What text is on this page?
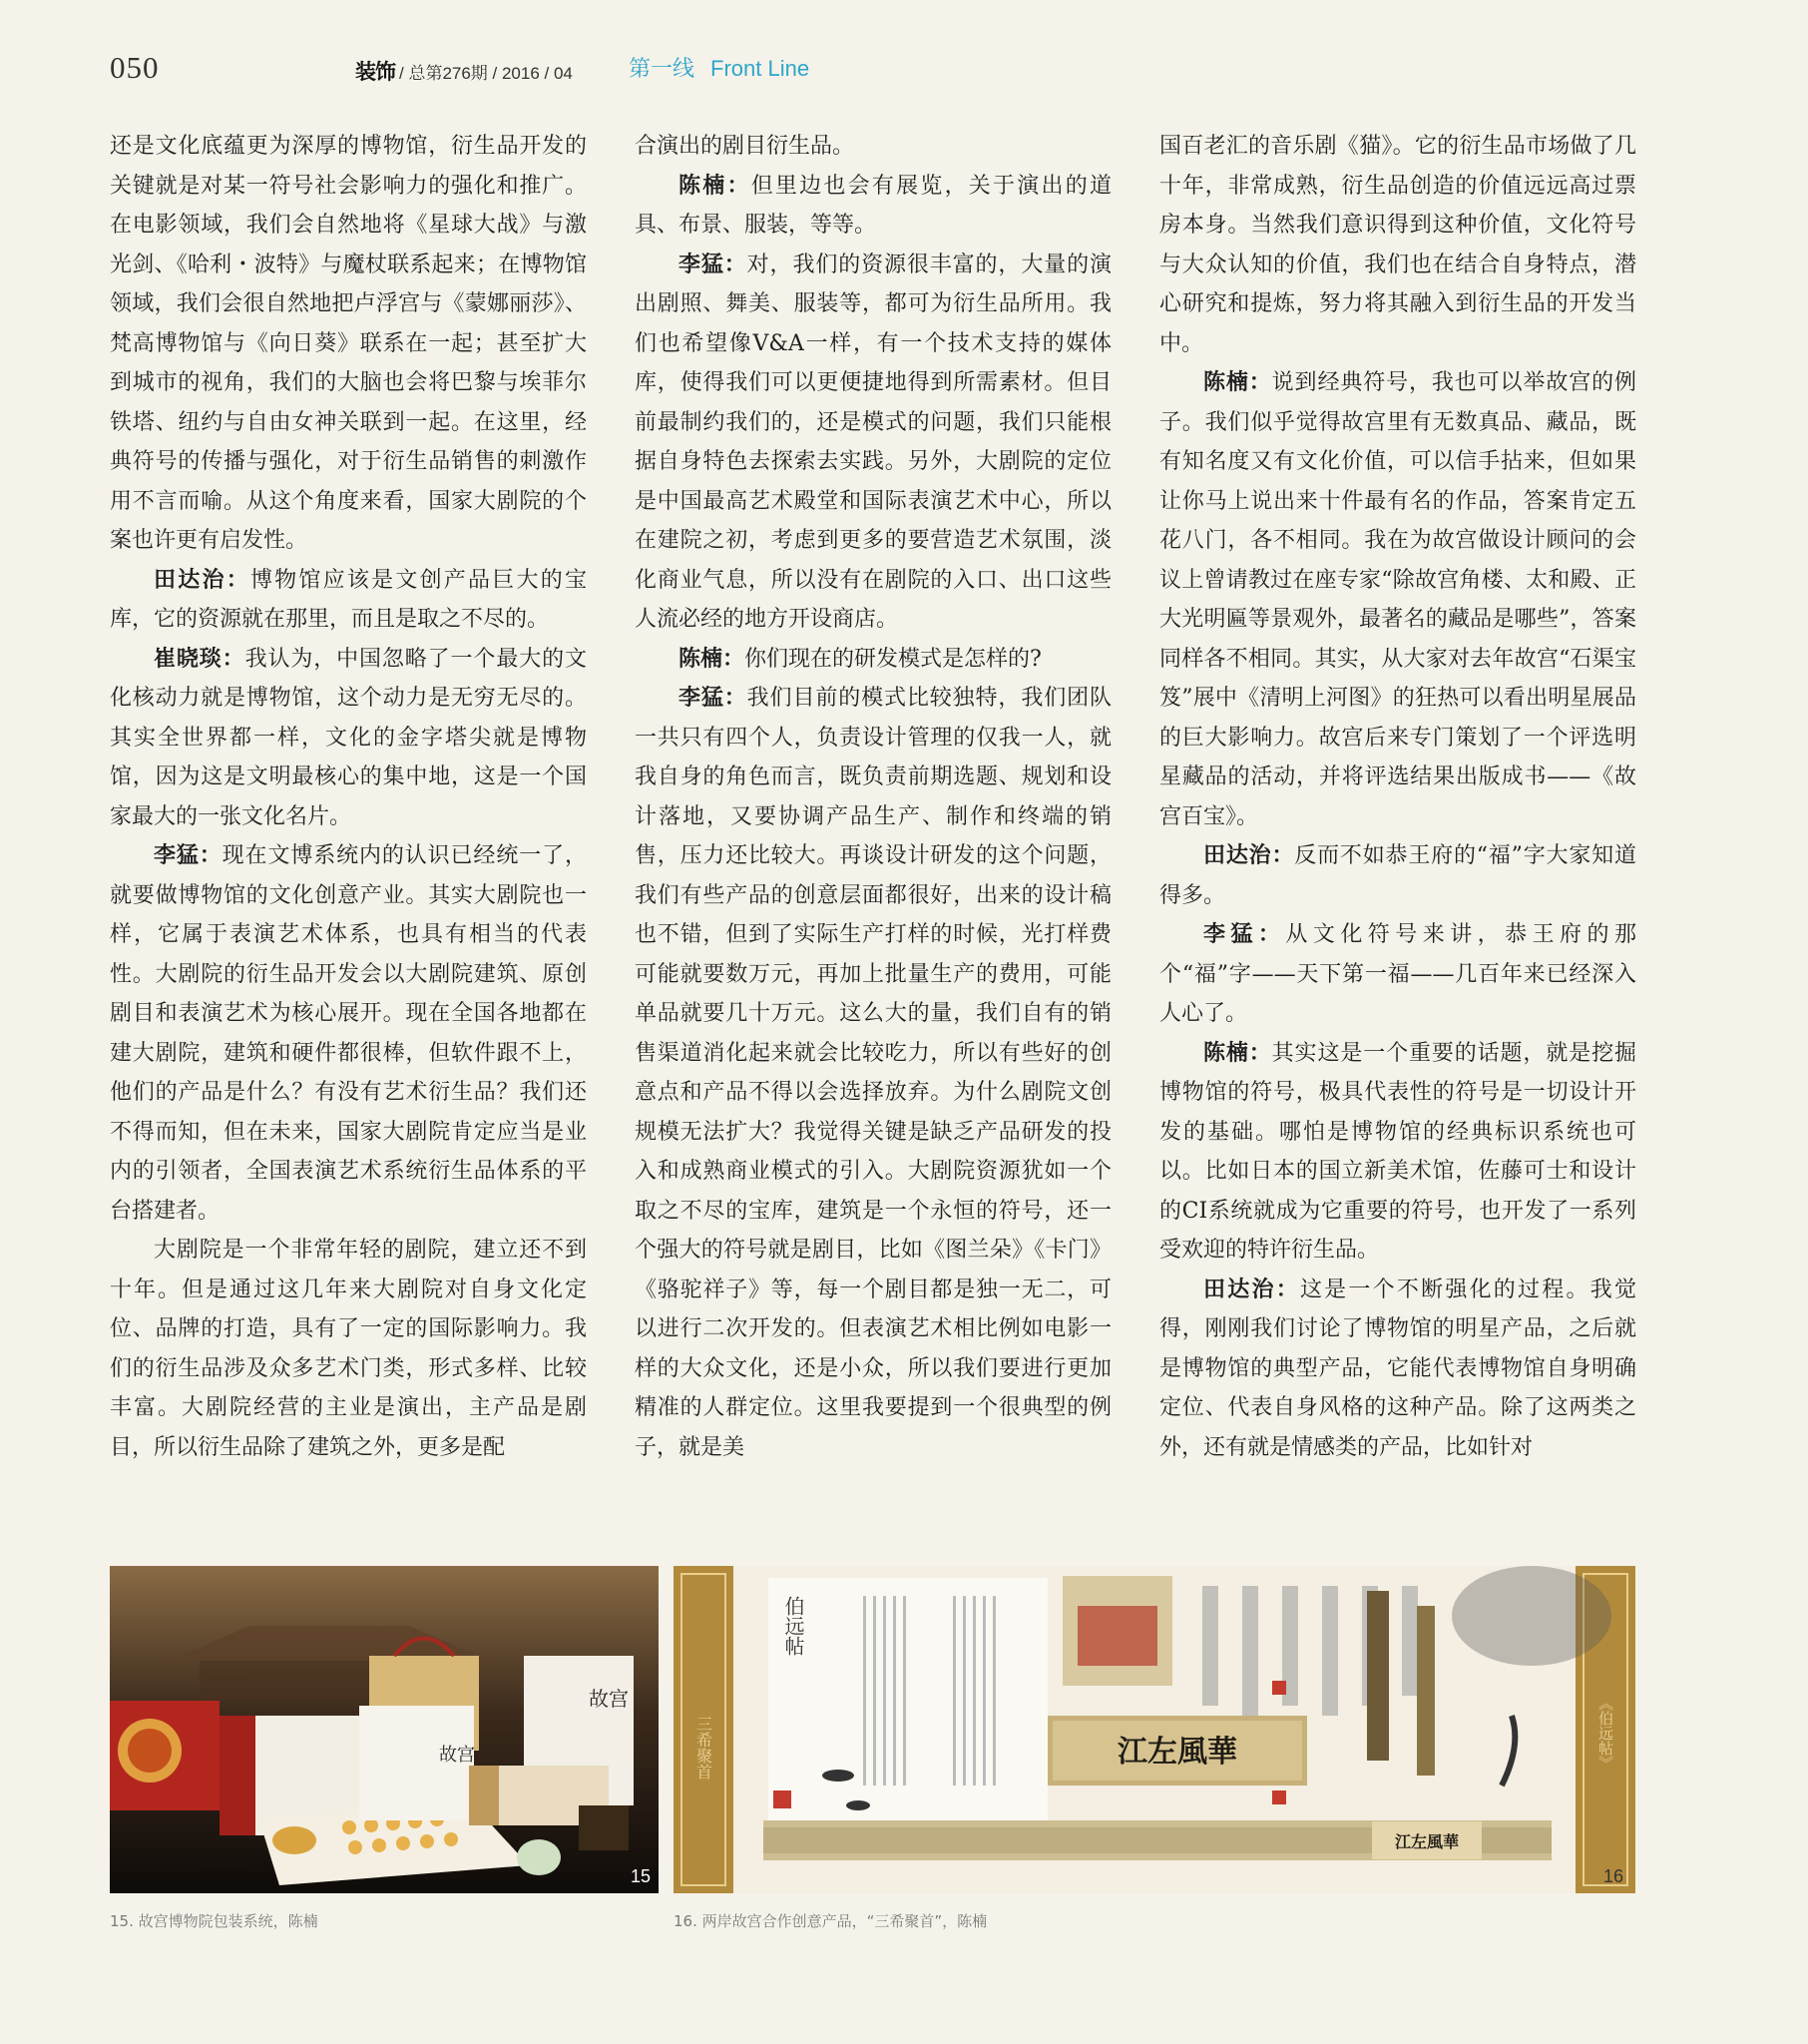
050	装饰 / 总第276期 / 2016 / 04	第一线 Front Line

还是文化底蕴更为深厚的博物馆，衍生品开发的关键就是对某一符号社会影响力的强化和推广。在电影领域，我们会自然地将《星球大战》与激光剑、《哈利・波特》与魔杖联系起来；在博物馆领域，我们会很自然地把卢浮宫与《蒙娜丽莎》、梵高博物馆与《向日葵》联系在一起；甚至扩大到城市的视角，我们的大脑也会将巴黎与埃菲尔铁塔、纽约与自由女神关联到一起。在这里，经典符号的传播与强化，对于衍生品销售的刺激作用不言而喻。从这个角度来看，国家大剧院的个案也许更有启发性。

田达治：博物馆应该是文创产品巨大的宝库，它的资源就在那里，而且是取之不尽的。

崔晓琰：我认为，中国忽略了一个最大的文化核动力就是博物馆，这个动力是无穷无尽的。其实全世界都一样，文化的金字塔尖就是博物馆，因为这是文明最核心的集中地，这是一个国家最大的一张文化名片。

李猛：现在文博系统内的认识已经统一了，就要做博物馆的文化创意产业。其实大剧院也一样，它属于表演艺术体系，也具有相当的代表性。大剧院的衍生品开发会以大剧院建筑、原创剧目和表演艺术为核心展开。现在全国各地都在建大剧院，建筑和硬件都很棒，但软件跟不上，他们的产品是什么？有没有艺术衍生品？我们还不得而知，但在未来，国家大剧院肯定应当是业内的引领者，全国表演艺术系统衍生品体系的平台搭建者。

大剧院是一个非常年轻的剧院，建立还不到十年。但是通过这几年来大剧院对自身文化定位、品牌的打造，具有了一定的国际影响力。我们的衍生品涉及众多艺术门类，形式多样、比较丰富。大剧院经营的主业是演出，主产品是剧目，所以衍生品除了建筑之外，更多是配

合演出的剧目衍生品。

陈楠：但里边也会有展览，关于演出的道具、布景、服装，等等。

李猛：对，我们的资源很丰富的，大量的演出剧照、舞美、服装等，都可为衍生品所用。我们也希望像V&A一样，有一个技术支持的媒体库，使得我们可以更便捷地得到所需素材。但目前最制约我们的，还是模式的问题，我们只能根据自身特色去探索去实践。另外，大剧院的定位是中国最高艺术殿堂和国际表演艺术中心，所以在建院之初，考虑到更多的要营造艺术氛围，淡化商业气息，所以没有在剧院的入口、出口这些人流必经的地方开设商店。

陈楠：你们现在的研发模式是怎样的?

李猛：我们目前的模式比较独特，我们团队一共只有四个人，负责设计管理的仅我一人，就我自身的角色而言，既负责前期选题、规划和设计落地，又要协调产品生产、制作和终端的销售，压力还比较大。再谈设计研发的这个问题，我们有些产品的创意层面都很好，出来的设计稿也不错，但到了实际生产打样的时候，光打样费可能就要数万元，再加上批量生产的费用，可能单品就要几十万元。这么大的量，我们自有的销售渠道消化起来就会比较吃力，所以有些好的创意点和产品不得以会选择放弃。为什么剧院文创规模无法扩大？我觉得关键是缺乏产品研发的投入和成熟商业模式的引入。大剧院资源犹如一个取之不尽的宝库，建筑是一个永恒的符号，还一个强大的符号就是剧目，比如《图兰朵》《卡门》《骆驼祥子》等，每一个剧目都是独一无二，可以进行二次开发的。但表演艺术相比例如电影一样的大众文化，还是小众，所以我们要进行更加精准的人群定位。这里我要提到一个很典型的例子，就是美

国百老汇的音乐剧《猫》。它的衍生品市场做了几十年，非常成熟，衍生品创造的价值远远高过票房本身。当然我们意识得到这种价值，文化符号与大众认知的价值，我们也在结合自身特点，潜心研究和提炼，努力将其融入到衍生品的开发当中。

陈楠：说到经典符号，我也可以举故宫的例子。我们似乎觉得故宫里有无数真品、藏品，既有知名度又有文化价值，可以信手拈来，但如果让你马上说出来十件最有名的作品，答案肯定五花八门，各不相同。我在为故宫做设计顾问的会议上曾请教过在座专家“除故宫角楼、太和殿、正大光明匾等景观外，最著名的藏品是哪些”，答案同样各不相同。其实，从大家对去年故宫“石渠宝笈”展中《清明上河图》的狂热可以看出明星展品的巨大影响力。故宫后来专门策划了一个评选明星藏品的活动，并将评选结果出版成书——《故宫百宝》。

田达治：反而不如恭王府的“福”字大家知道得多。

李猛：从文化符号来讲，恭王府的那个“福”字——天下第一福——几百年来已经深入人心了。

陈楠：其实这是一个重要的话题，就是挖掘博物馆的符号，极具代表性的符号是一切设计开发的基础。哪怕是博物馆的经典标识系统也可以。比如日本的国立新美术馆，佐藤可士和设计的CI系统就成为它重要的符号，也开发了一系列受欢迎的特许衍生品。

田达治：这是一个不断强化的过程。我觉得，刚刚我们讨论了博物馆的明星产品，之后就是博物馆的典型产品，它能代表博物馆自身明确定位、代表自身风格的这种产品。除了这两类之外，还有就是情感类的产品，比如针对

故宫
故宫
15
15. 故宫博物院包装系统，陈楠
三希聚首	《伯远帖》
伯远帖
江左風華
江左風華
16
16. 两岸故宫合作创意产品，“三希聚首”，陈楠
